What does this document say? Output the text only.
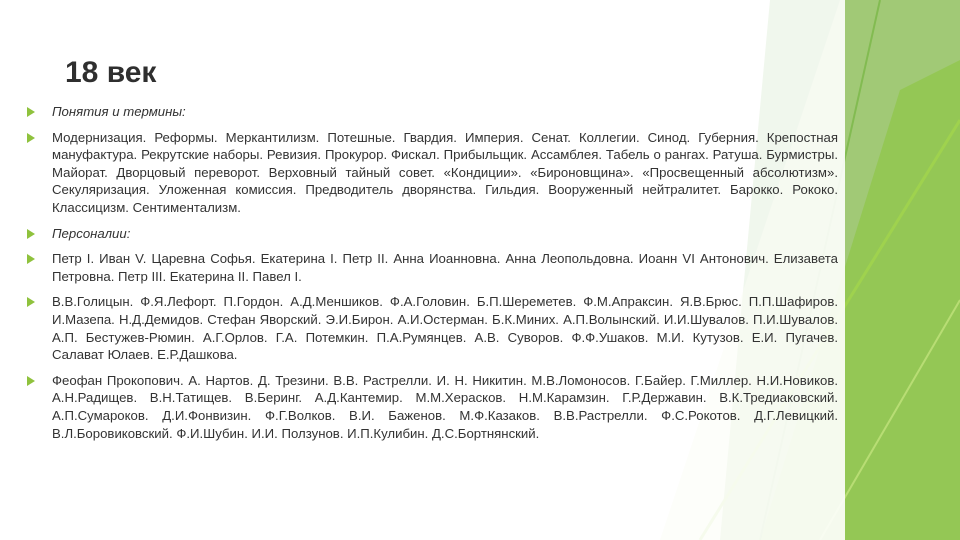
18 век
Понятия и термины:
Модернизация. Реформы. Меркантилизм. Потешные. Гвардия. Империя. Сенат. Коллегии. Синод. Губерния. Крепостная мануфактура. Рекрутские наборы. Ревизия. Прокурор. Фискал. Прибыльщик. Ассамблея. Табель о рангах. Ратуша. Бурмистры. Майорат. Дворцовый переворот. Верховный тайный совет. «Кондиции». «Бироновщина». «Просвещенный абсолютизм». Секуляризация. Уложенная комиссия. Предводитель дворянства. Гильдия. Вооруженный нейтралитет. Барокко. Рококо. Классицизм. Сентиментализм.
Персоналии:
Петр I. Иван V. Царевна Софья. Екатерина I. Петр II. Анна Иоанновна. Анна Леопольдовна. Иоанн VI Антонович. Елизавета Петровна. Петр III. Екатерина II. Павел I.
В.В.Голицын. Ф.Я.Лефорт. П.Гордон. А.Д.Меншиков. Ф.А.Головин. Б.П.Шереметев. Ф.М.Апраксин. Я.В.Брюс. П.П.Шафиров. И.Мазепа. Н.Д.Демидов. Стефан Яворский. Э.И.Бирон. А.И.Остерман. Б.К.Миних. А.П.Волынский. И.И.Шувалов. П.И.Шувалов. А.П. Бестужев-Рюмин. А.Г.Орлов. Г.А. Потемкин. П.А.Румянцев. А.В. Суворов. Ф.Ф.Ушаков. М.И. Кутузов. Е.И. Пугачев. Салават Юлаев. Е.Р.Дашкова.
Феофан Прокопович. А. Нартов. Д. Трезини. В.В. Растрелли. И. Н. Никитин. М.В.Ломоносов. Г.Байер. Г.Миллер. Н.И.Новиков. А.Н.Радищев. В.Н.Татищев. В.Беринг. А.Д.Кантемир. М.М.Херасков. Н.М.Карамзин. Г.Р.Державин. В.К.Тредиаковский. А.П.Сумароков. Д.И.Фонвизин. Ф.Г.Волков. В.И. Баженов. М.Ф.Казаков. В.В.Растрелли. Ф.С.Рокотов. Д.Г.Левицкий. В.Л.Боровиковский. Ф.И.Шубин. И.И. Ползунов. И.П.Кулибин. Д.С.Бортнянский.
